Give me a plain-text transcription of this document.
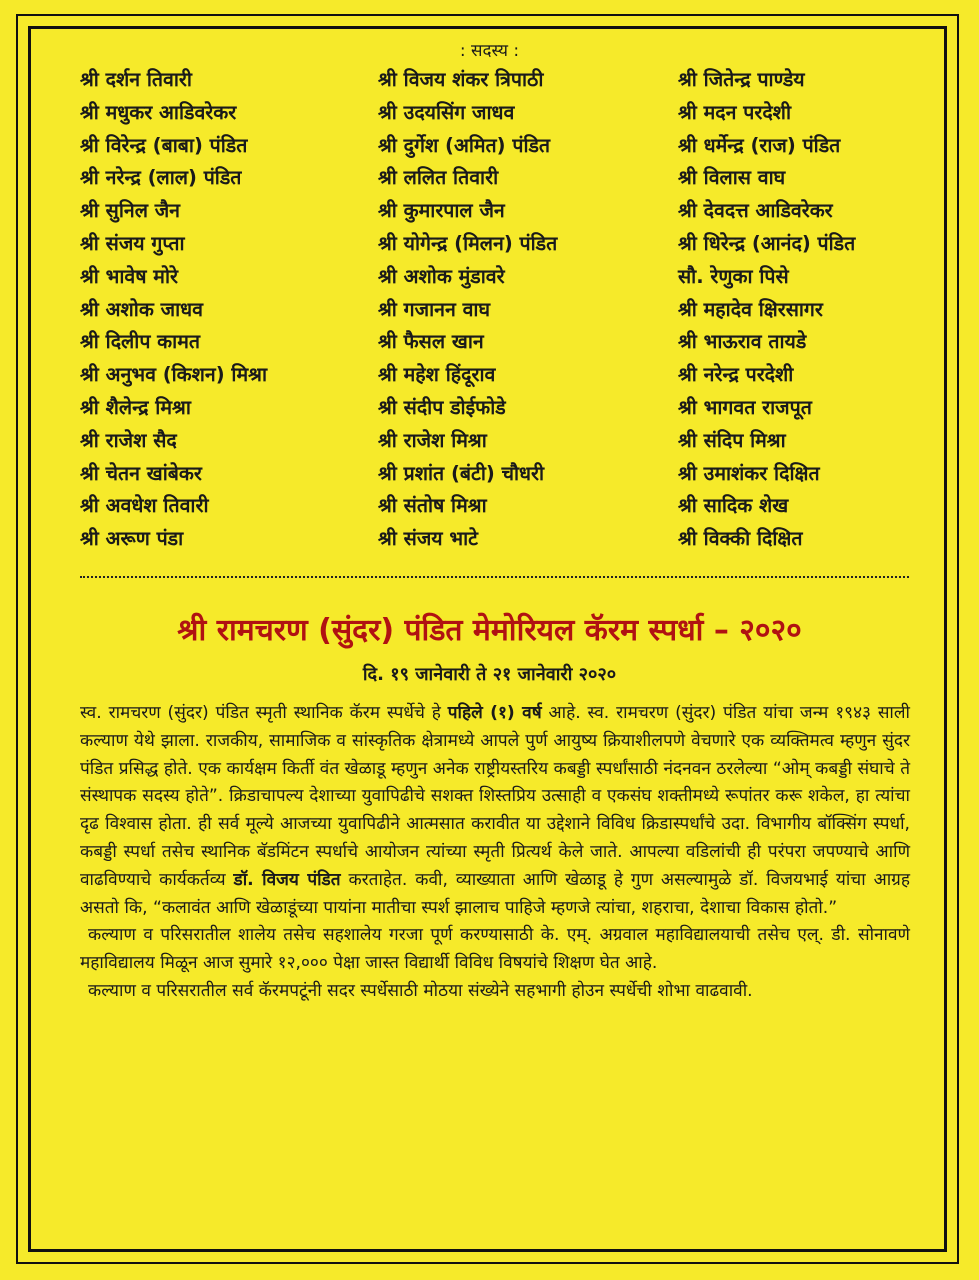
: सदस्य :
श्री दर्शन तिवारी
श्री मधुकर आडिवरेकर
श्री विरेन्द्र (बाबा) पंडित
श्री नरेन्द्र (लाल) पंडित
श्री सुनिल जैन
श्री संजय गुप्ता
श्री भावेष मोरे
श्री अशोक जाधव
श्री दिलीप कामत
श्री अनुभव (किशन) मिश्रा
श्री शैलेन्द्र मिश्रा
श्री राजेश सैद
श्री चेतन खांबेकर
श्री अवधेश तिवारी
श्री अरूण पंडा
श्री विजय शंकर त्रिपाठी
श्री उदयसिंग जाधव
श्री दुर्गेश (अमित) पंडित
श्री ललित तिवारी
श्री कुमारपाल जैन
श्री योगेन्द्र (मिलन) पंडित
श्री अशोक मुंडावरे
श्री गजानन वाघ
श्री फैसल खान
श्री महेश हिंदूराव
श्री संदीप डोईफोडे
श्री राजेश मिश्रा
श्री प्रशांत (बंटी) चौधरी
श्री संतोष मिश्रा
श्री संजय भाटे
श्री जितेन्द्र पाण्डेय
श्री मदन परदेशी
श्री धर्मेन्द्र (राज) पंडित
श्री विलास वाघ
श्री देवदत्त आडिवरेकर
श्री धिरेन्द्र (आनंद) पंडित
सौ. रेणुका पिसे
श्री महादेव क्षिरसागर
श्री भाऊराव तायडे
श्री नरेन्द्र परदेशी
श्री भागवत राजपूत
श्री संदिप मिश्रा
श्री उमाशंकर दिक्षित
श्री सादिक शेख
श्री विक्की दिक्षित
श्री रामचरण (सुंदर) पंडित मेमोरियल कॅरम स्पर्धा – २०२०
दि. १९ जानेवारी ते २१ जानेवारी २०२०

स्व. रामचरण (सुंदर) पंडित स्मृती स्थानिक कॅरम स्पर्धेचे हे पहिले (१) वर्ष आहे. स्व. रामचरण (सुंदर) पंडित यांचा जन्म १९४३ साली कल्याण येथे झाला. राजकीय, सामाजिक व सांस्कृतिक क्षेत्रामध्ये आपले पुर्ण आयुष्य क्रियाशीलपणे वेचणारे एक व्यक्तिमत्व म्हणुन सुंदर पंडित प्रसिद्ध होते. एक कार्यक्षम किर्ती वंत खेळाडू म्हणुन अनेक राष्ट्रीयस्तरिय कबड्डी स्पर्धांसाठी नंदनवन ठरलेल्या “ओम् कबड्डी संघाचे ते संस्थापक सदस्य होते”. क्रिडाचापल्य देशाच्या युवापिढीचे सशक्त शिस्तप्रिय उत्साही व एकसंघ शक्तीमध्ये रूपांतर करू शकेल, हा त्यांचा दृढ विश्वास होता. ही सर्व मूल्ये आजच्या युवापिढीने आत्मसात करावीत या उद्देशाने विविध क्रिडास्पर्धांचे उदा. विभागीय बॉक्सिंग स्पर्धा, कबड्डी स्पर्धा तसेच स्थानिक बॅडमिंटन स्पर्धाचे आयोजन त्यांच्या स्मृती प्रित्यर्थ केले जाते. आपल्या वडिलांची ही परंपरा जपण्याचे आणि वाढविण्याचे कार्यकर्तव्य डॉ. विजय पंडित करताहेत. कवी, व्याख्याता आणि खेळाडू हे गुण असल्यामुळे डॉ. विजयभाई यांचा आग्रह असतो कि, “कलावंत आणि खेळाडूंच्या पायांना मातीचा स्पर्श झालाच पाहिजे म्हणजे त्यांचा, शहराचा, देशाचा विकास होतो.”

कल्याण व परिसरातील शालेय तसेच सहशालेय गरजा पूर्ण करण्यासाठी के. एम्. अग्रवाल महाविद्यालयाची तसेच एल्. डी. सोनावणे महाविद्यालय मिळून आज सुमारे १२,००० पेक्षा जास्त विद्यार्थी विविध विषयांचे शिक्षण घेत आहे.

कल्याण व परिसरातील सर्व कॅरमपटूंनी सदर स्पर्धेसाठी मोठया संख्येने सहभागी होउन स्पर्धेची शोभा वाढवावी.
